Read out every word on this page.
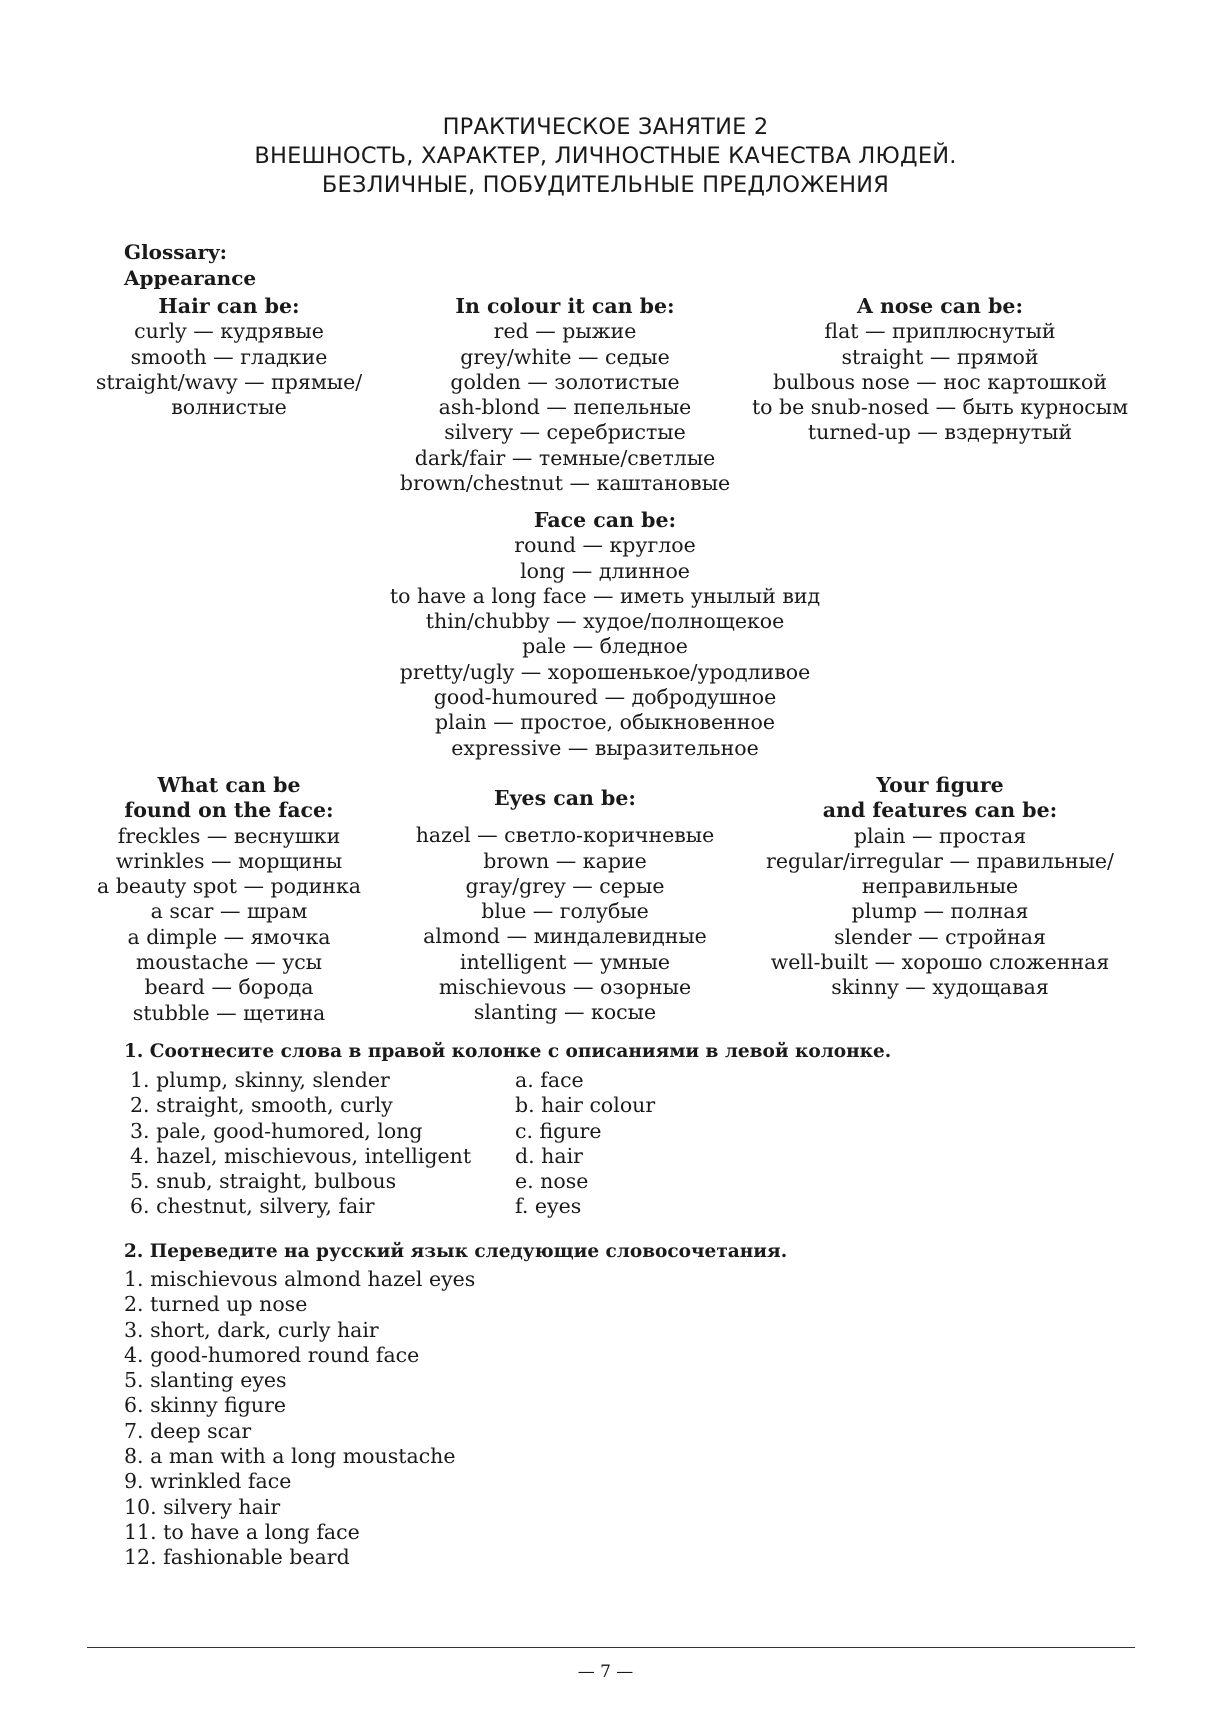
ПРАКТИЧЕСКОЕ ЗАНЯТИЕ 2
ВНЕШНОСТЬ, ХАРАКТЕР, ЛИЧНОСТНЫЕ КАЧЕСТВА ЛЮДЕЙ.
БЕЗЛИЧНЫЕ, ПОБУДИТЕЛЬНЫЕ ПРЕДЛОЖЕНИЯ
Glossary:
Appearance
Hair can be:
curly — кудрявые
smooth — гладкие
straight/wavy — прямые/
волнистые
In colour it can be:
red — рыжие
grey/white — седые
golden — золотистые
ash-blond — пепельные
silvery — серебристые
dark/fair — темные/светлые
brown/chestnut — каштановые
A nose can be:
flat — приплюснутый
straight — прямой
bulbous nose — нос картошкой
to be snub-nosed — быть курносым
turned-up — вздернутый
Face can be:
round — круглое
long — длинное
to have a long face — иметь унылый вид
thin/chubby — худое/полнощекое
pale — бледное
pretty/ugly — хорошенькое/уродливое
good-humoured — добродушное
plain — простое, обыкновенное
expressive — выразительное
What can be
found on the face:
freckles — веснушки
wrinkles — морщины
a beauty spot — родинка
a scar — шрам
a dimple — ямочка
moustache — усы
beard — борода
stubble — щетина
Eyes can be:
hazel — светло-коричневые
brown — карие
gray/grey — серые
blue — голубые
almond — миндалевидные
intelligent — умные
mischievous — озорные
slanting — косые
Your figure
and features can be:
plain — простая
regular/irregular — правильные/
неправильные
plump — полная
slender — стройная
well-built — хорошо сложенная
skinny — худощавая
1. Соотнесите слова в правой колонке с описаниями в левой колонке.
1. plump, skinny, slender
2. straight, smooth, curly
3. pale, good-humored, long
4. hazel, mischievous, intelligent
5. snub, straight, bulbous
6. chestnut, silvery, fair
a. face
b. hair colour
c. figure
d. hair
e. nose
f. eyes
2. Переведите на русский язык следующие словосочетания.
1. mischievous almond hazel eyes
2. turned up nose
3. short, dark, curly hair
4. good-humored round face
5. slanting eyes
6. skinny figure
7. deep scar
8. a man with a long moustache
9. wrinkled face
10. silvery hair
11. to have a long face
12. fashionable beard
— 7 —
